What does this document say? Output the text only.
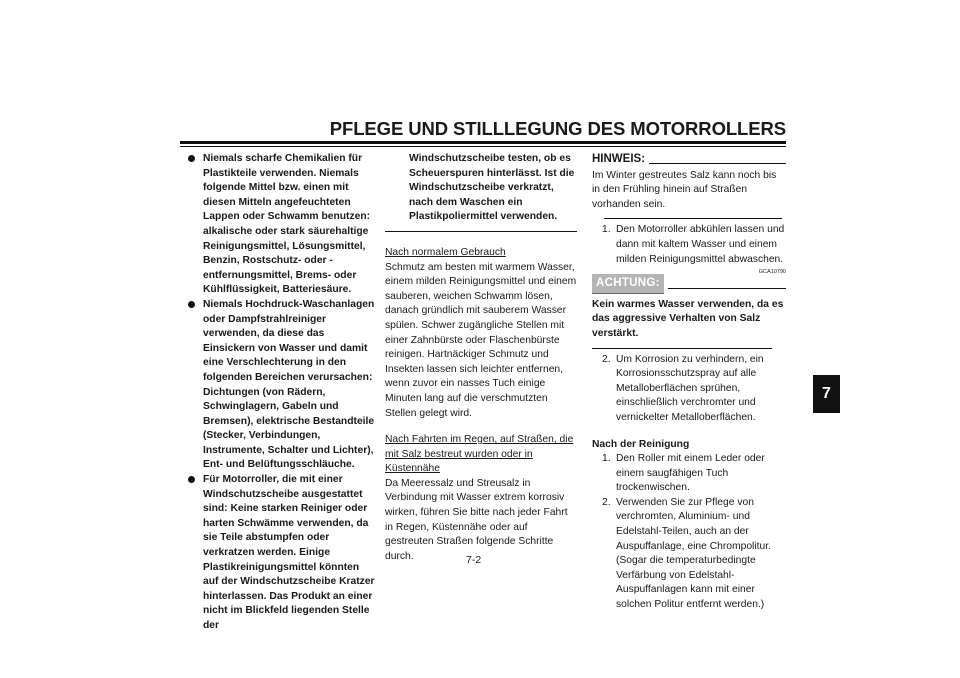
PFLEGE UND STILLLEGUNG DES MOTORROLLERS
Niemals scharfe Chemikalien für Plastikteile verwenden. Niemals folgende Mittel bzw. einen mit diesen Mitteln angefeuchteten Lappen oder Schwamm benutzen: alkalische oder stark säurehaltige Reinigungsmittel, Lösungsmittel, Benzin, Rostschutz- oder -entfernungsmittel, Brems- oder Kühlflüssigkeit, Batteriesäure.
Niemals Hochdruck-Waschanlagen oder Dampfstrahlreiniger verwenden, da diese das Einsickern von Wasser und damit eine Verschlechterung in den folgenden Bereichen verursachen: Dichtungen (von Rädern, Schwinglagern, Gabeln und Bremsen), elektrische Bestandteile (Stecker, Verbindungen, Instrumente, Schalter und Lichter), Ent- und Belüftungsschläuche.
Für Motorroller, die mit einer Windschutzscheibe ausgestattet sind: Keine starken Reiniger oder harten Schwämme verwenden, da sie Teile abstumpfen oder verkratzen werden. Einige Plastikreinigungsmittel könnten auf der Windschutzscheibe Kratzer hinterlassen. Das Produkt an einer nicht im Blickfeld liegenden Stelle der
Windschutzscheibe testen, ob es Scheuerspuren hinterlässt. Ist die Windschutzscheibe verkratzt, nach dem Waschen ein Plastikpoliermittel verwenden.
Nach normalem Gebrauch

Schmutz am besten mit warmem Wasser, einem milden Reinigungsmittel und einem sauberen, weichen Schwamm lösen, danach gründlich mit sauberem Wasser spülen. Schwer zugängliche Stellen mit einer Zahnbürste oder Flaschenbürste reinigen. Hartnäckiger Schmutz und Insekten lassen sich leichter entfernen, wenn zuvor ein nasses Tuch einige Minuten lang auf die verschmutzten Stellen gelegt wird.

Nach Fahrten im Regen, auf Straßen, die mit Salz bestreut wurden oder in Küstennähe

Da Meeressalz und Streusalz in Verbindung mit Wasser extrem korrosiv wirken, führen Sie bitte nach jeder Fahrt in Regen, Küstennähe oder auf gestreuten Straßen folgende Schritte durch.

HINWEIS:
Im Winter gestreutes Salz kann noch bis in den Frühling hinein auf Straßen vorhanden sein.
1. Den Motorroller abkühlen lassen und dann mit kaltem Wasser und einem milden Reinigungsmittel abwaschen.
GCA10790
ACHTUNG:
Kein warmes Wasser verwenden, da es das aggressive Verhalten von Salz verstärkt.
2. Um Korrosion zu verhindern, ein Korrosionsschutzspray auf alle Metalloberflächen sprühen, einschließlich verchromter und vernickelter Metalloberflächen.
Nach der Reinigung
1. Den Roller mit einem Leder oder einem saugfähigen Tuch trockenwischen.
2. Verwenden Sie zur Pflege von verchromten, Aluminium- und Edelstahl-Teilen, auch an der Auspuffanlage, eine Chrompolitur. (Sogar die temperaturbedingte Verfärbung von Edelstahl-Auspuffanlagen kann mit einer solchen Politur entfernt werden.)
7-2
7
